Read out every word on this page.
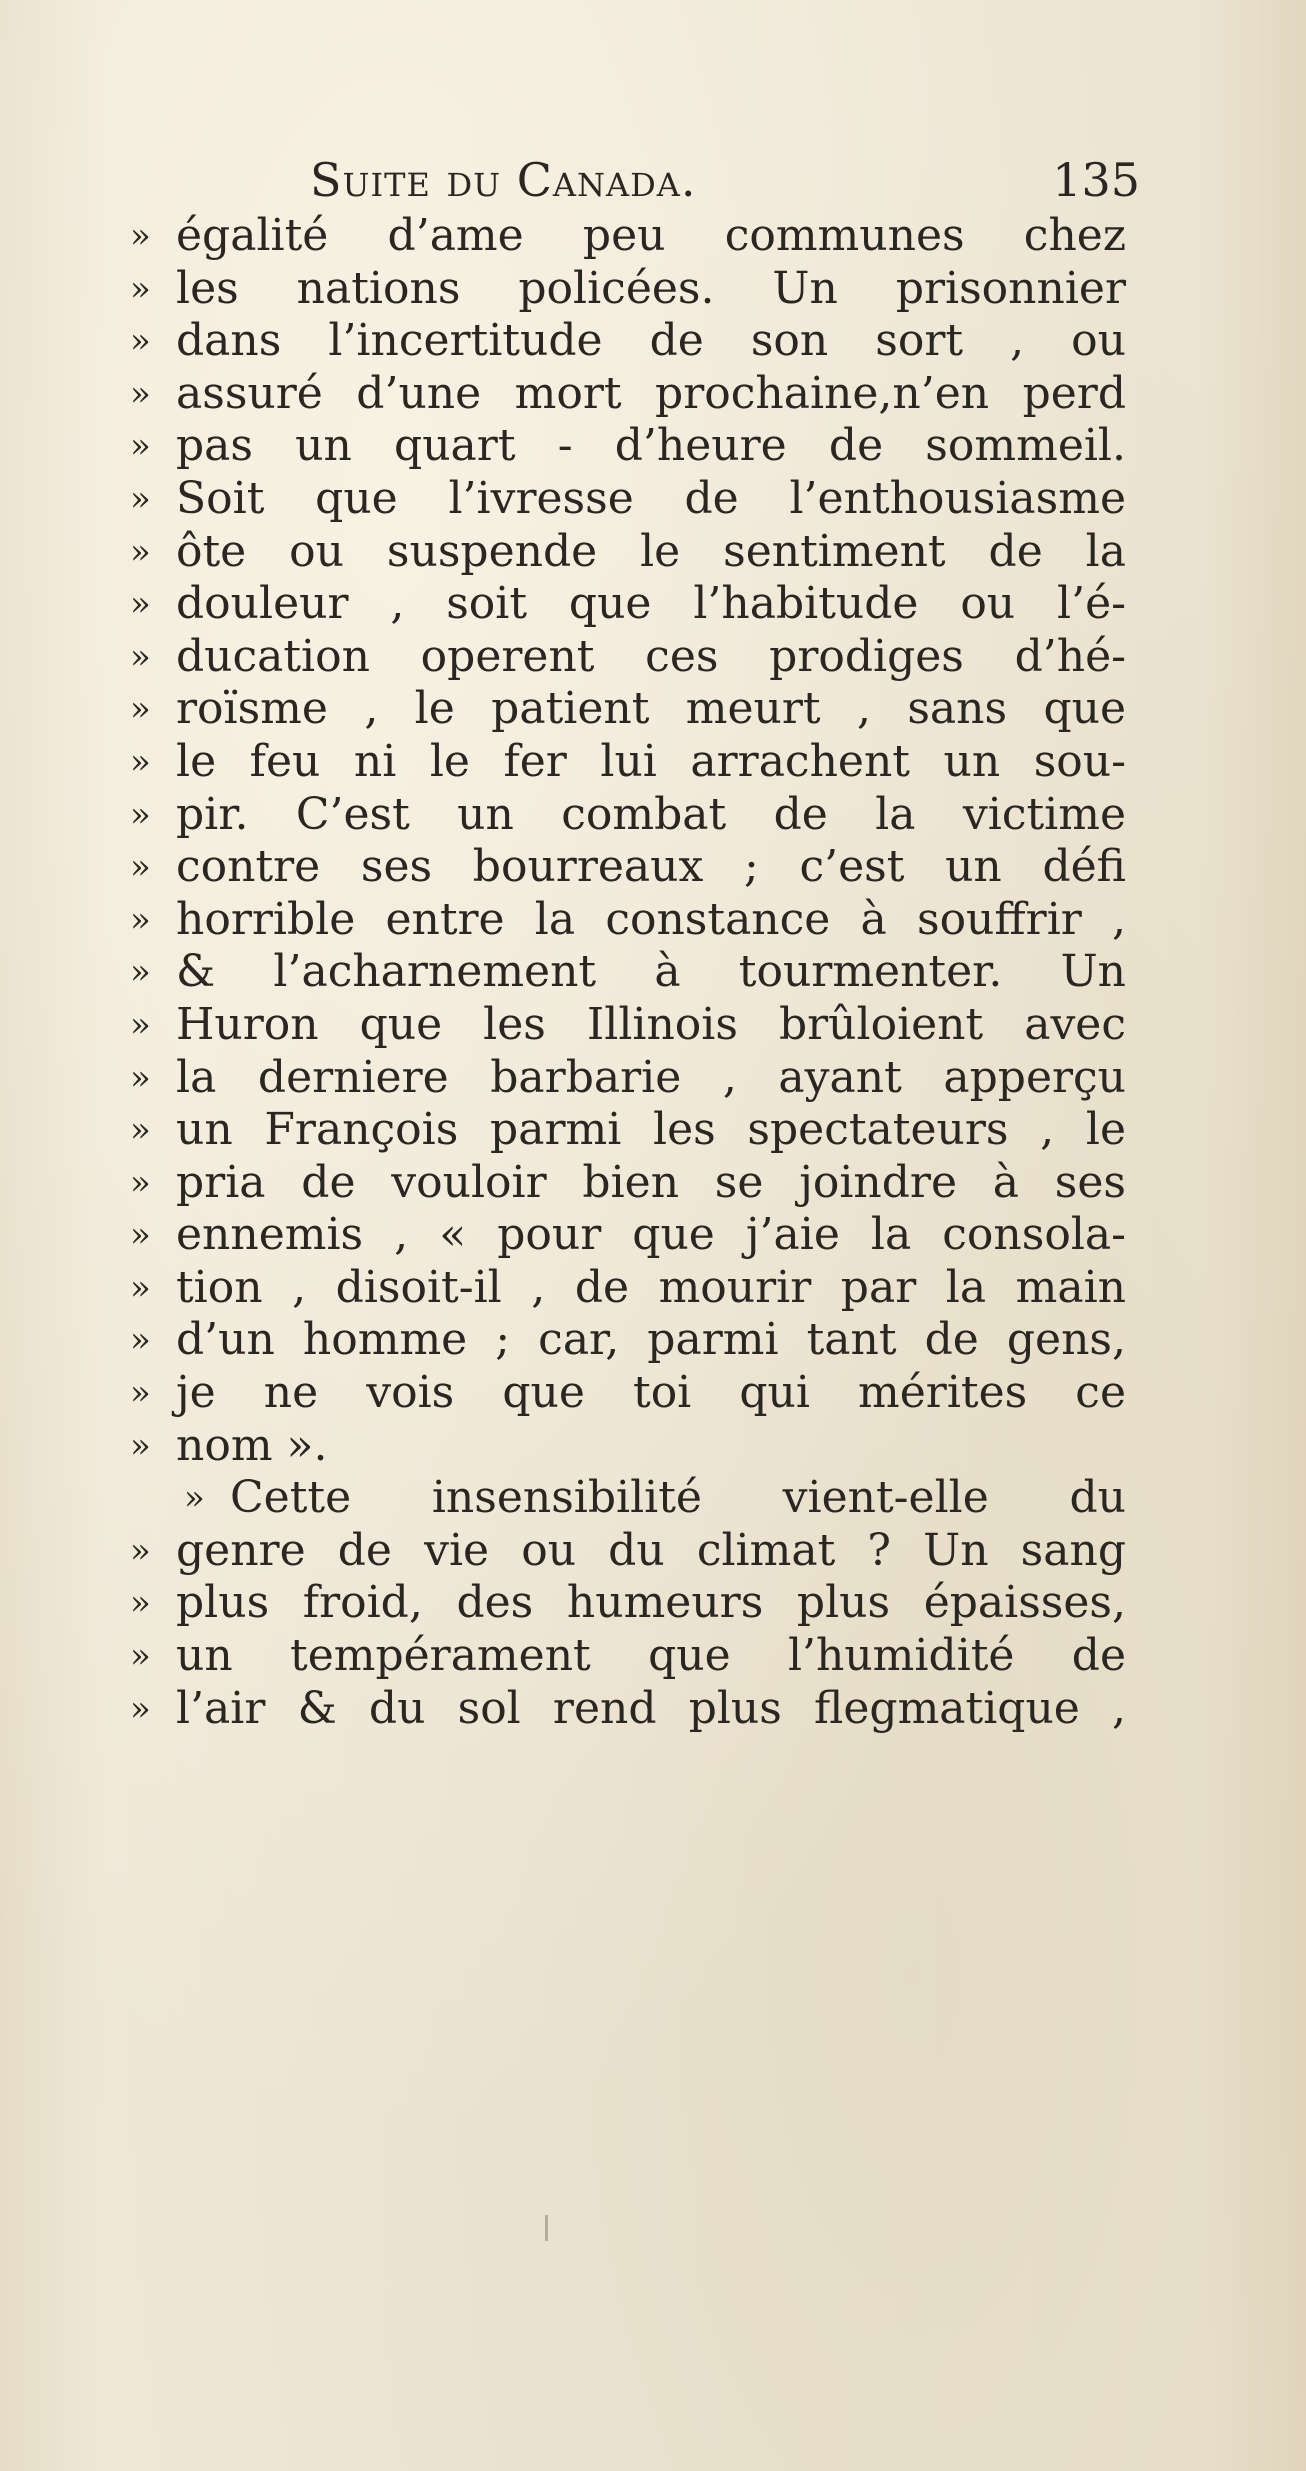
Suite du Canada.	135
» égalité d’ame peu communes chez
» les nations policées. Un prisonnier
» dans l’incertitude de son sort , ou
» assuré d’une mort prochaine,n’en perd
» pas un quart - d’heure de sommeil.
» Soit que l’ivresse de l’enthousiasme
» ôte ou suspende le sentiment de la
» douleur , soit que l’habitude ou l’é-
» ducation operent ces prodiges d’hé-
» roïsme , le patient meurt , sans que
» le feu ni le fer lui arrachent un sou-
» pir. C’est un combat de la victime
» contre ses bourreaux ; c’est un défi
» horrible entre la constance à souffrir ,
» & l’acharnement à tourmenter. Un
» Huron que les Illinois brûloient avec
» la derniere barbarie , ayant apperçu
» un François parmi les spectateurs , le
» pria de vouloir bien se joindre à ses
» ennemis , « pour que j’aie la consola-
» tion , disoit-il , de mourir par la main
» d’un homme ; car, parmi tant de gens,
» je ne vois que toi qui mérites ce
» nom ».
» Cette insensibilité vient-elle du
» genre de vie ou du climat ? Un sang
» plus froid, des humeurs plus épaisses,
» un tempérament que l’humidité de
» l’air & du sol rend plus flegmatique ,
